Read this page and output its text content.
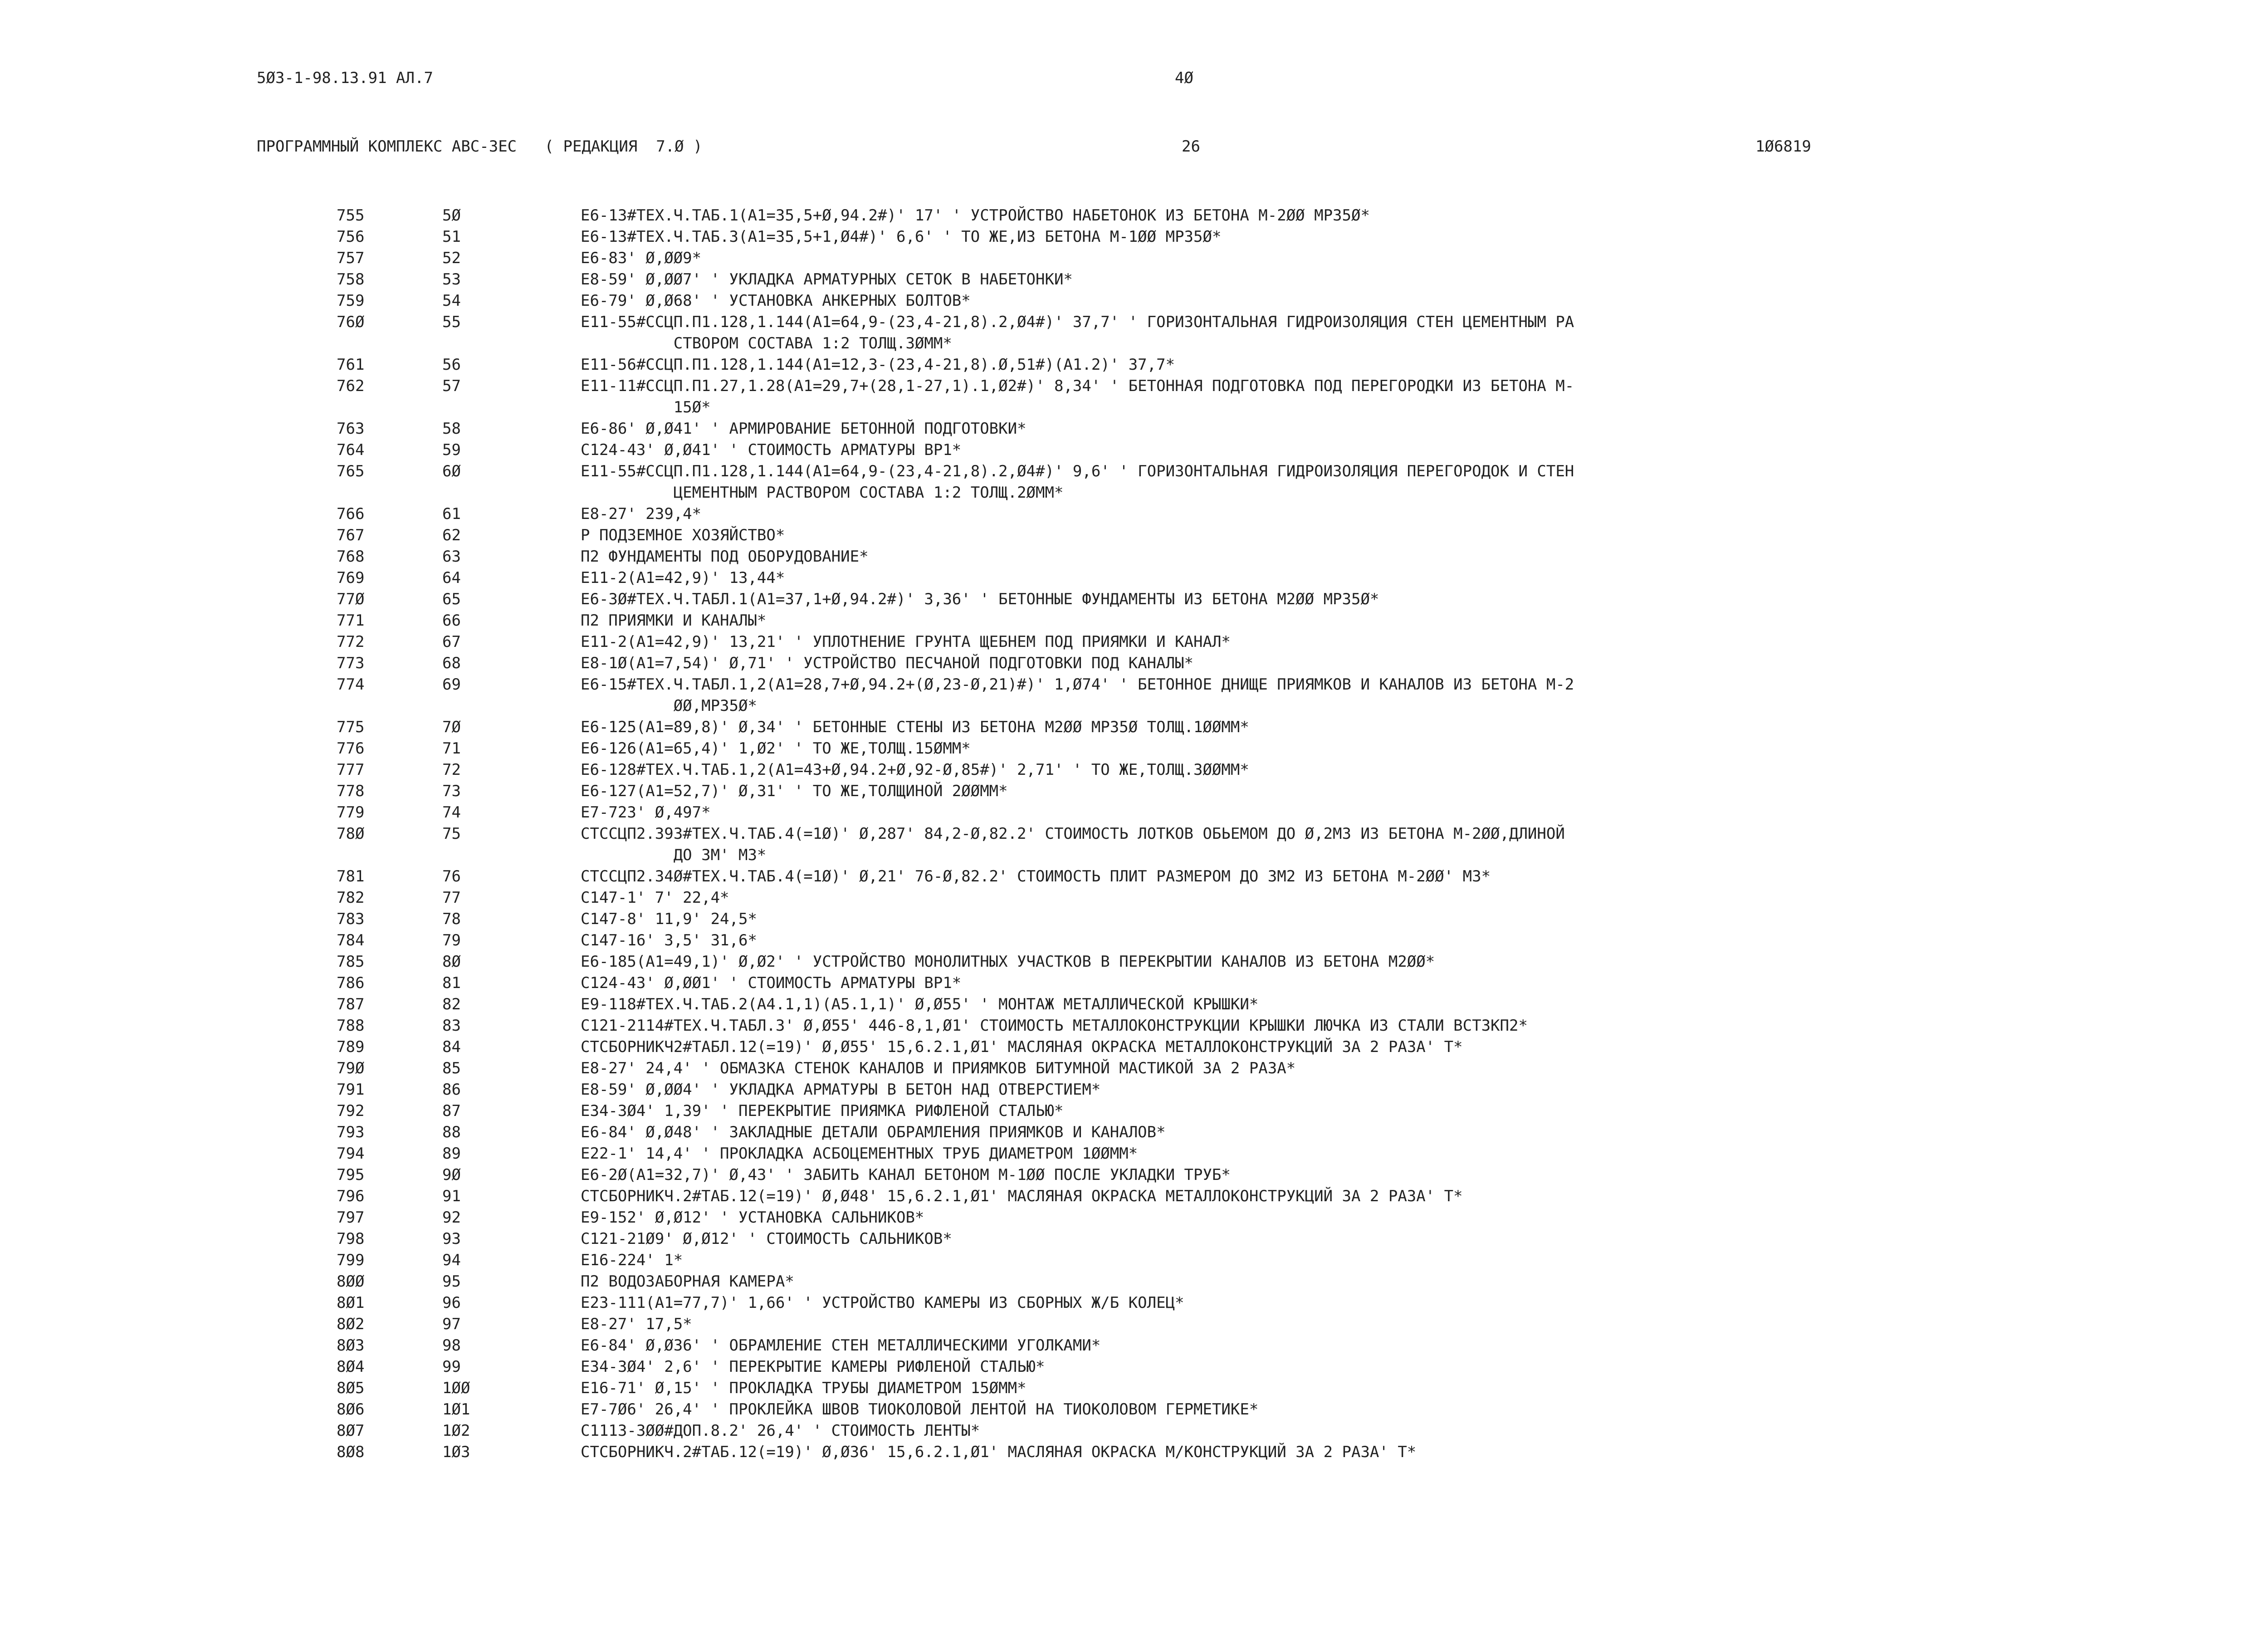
5Ø3-1-98.13.91 АЛ.7	4Ø
ПРОГРАММНЫЙ КОМПЛЕКС АВС-3ЕС   ( РЕДАКЦИЯ  7.Ø )	26	1Ø6819
755	5Ø	Е6-13#ТЕХ.Ч.ТАБ.1(А1=35,5+Ø,94.2#)' 17' ' УСТРОЙСТВО НАБЕТОНОК ИЗ БЕТОНА М-2ØØ МРЗ5Ø*
756	51	Е6-13#ТЕХ.Ч.ТАБ.3(А1=35,5+1,Ø4#)' 6,6' ' ТО ЖЕ,ИЗ БЕТОНА М-1ØØ МРЗ5Ø*
757	52	Е6-83' Ø,ØØ9*
758	53	Е8-59' Ø,ØØ7' ' УКЛАДКА АРМАТУРНЫХ СЕТОК В НАБЕТОНКИ*
759	54	Е6-79' Ø,Ø68' ' УСТАНОВКА АНКЕРНЫХ БОЛТОВ*
76Ø	55	Е11-55#ССЦП.П1.128,1.144(А1=64,9-(23,4-21,8).2,Ø4#)' 37,7' ' ГОРИЗОНТАЛЬНАЯ ГИДРОИЗОЛЯЦИЯ СТЕН ЦЕМЕНТНЫМ РА
СТВОРОМ СОСТАВА 1:2 ТОЛЩ.3ØММ*
761	56	Е11-56#ССЦП.П1.128,1.144(А1=12,3-(23,4-21,8).Ø,51#)(А1.2)' 37,7*
762	57	Е11-11#ССЦП.П1.27,1.28(А1=29,7+(28,1-27,1).1,Ø2#)' 8,34' ' БЕТОННАЯ ПОДГОТОВКА ПОД ПЕРЕГОРОДКИ ИЗ БЕТОНА М-
15Ø*
763	58	Е6-86' Ø,Ø41' ' АРМИРОВАНИЕ БЕТОННОЙ ПОДГОТОВКИ*
764	59	С124-43' Ø,Ø41' ' СТОИМОСТЬ АРМАТУРЫ ВР1*
765	6Ø	Е11-55#ССЦП.П1.128,1.144(А1=64,9-(23,4-21,8).2,Ø4#)' 9,6' ' ГОРИЗОНТАЛЬНАЯ ГИДРОИЗОЛЯЦИЯ ПЕРЕГОРОДОК И СТЕН
ЦЕМЕНТНЫМ РАСТВОРОМ СОСТАВА 1:2 ТОЛЩ.2ØММ*
766	61	Е8-27' 239,4*
767	62	Р ПОДЗЕМНОЕ ХОЗЯЙСТВО*
768	63	П2 ФУНДАМЕНТЫ ПОД ОБОРУДОВАНИЕ*
769	64	Е11-2(А1=42,9)' 13,44*
77Ø	65	Е6-3Ø#ТЕХ.Ч.ТАБЛ.1(А1=37,1+Ø,94.2#)' 3,36' ' БЕТОННЫЕ ФУНДАМЕНТЫ ИЗ БЕТОНА М2ØØ МРЗ5Ø*
771	66	П2 ПРИЯМКИ И КАНАЛЫ*
772	67	Е11-2(А1=42,9)' 13,21' ' УПЛОТНЕНИЕ ГРУНТА ЩЕБНЕМ ПОД ПРИЯМКИ И КАНАЛ*
773	68	Е8-1Ø(А1=7,54)' Ø,71' ' УСТРОЙСТВО ПЕСЧАНОЙ ПОДГОТОВКИ ПОД КАНАЛЫ*
774	69	Е6-15#ТЕХ.Ч.ТАБЛ.1,2(А1=28,7+Ø,94.2+(Ø,23-Ø,21)#)' 1,Ø74' ' БЕТОННОЕ ДНИЩЕ ПРИЯМКОВ И КАНАЛОВ ИЗ БЕТОНА М-2
ØØ,МРЗ5Ø*
775	7Ø	Е6-125(А1=89,8)' Ø,34' ' БЕТОННЫЕ СТЕНЫ ИЗ БЕТОНА М2ØØ МРЗ5Ø ТОЛЩ.1ØØММ*
776	71	Е6-126(А1=65,4)' 1,Ø2' ' ТО ЖЕ,ТОЛЩ.15ØММ*
777	72	Е6-128#ТЕХ.Ч.ТАБ.1,2(А1=43+Ø,94.2+Ø,92-Ø,85#)' 2,71' ' ТО ЖЕ,ТОЛЩ.3ØØММ*
778	73	Е6-127(А1=52,7)' Ø,31' ' ТО ЖЕ,ТОЛЩИНОЙ 2ØØММ*
779	74	Е7-723' Ø,497*
78Ø	75	СТССЦП2.393#ТЕХ.Ч.ТАБ.4(=1Ø)' Ø,287' 84,2-Ø,82.2' СТОИМОСТЬ ЛОТКОВ ОБЬЕМОМ ДО Ø,2М3 ИЗ БЕТОНА М-2ØØ,ДЛИНОЙ
ДО 3М' М3*
781	76	СТССЦП2.34Ø#ТЕХ.Ч.ТАБ.4(=1Ø)' Ø,21' 76-Ø,82.2' СТОИМОСТЬ ПЛИТ РАЗМЕРОМ ДО 3М2 ИЗ БЕТОНА М-2ØØ' М3*
782	77	С147-1' 7' 22,4*
783	78	С147-8' 11,9' 24,5*
784	79	С147-16' 3,5' 31,6*
785	8Ø	Е6-185(А1=49,1)' Ø,Ø2' ' УСТРОЙСТВО МОНОЛИТНЫХ УЧАСТКОВ В ПЕРЕКРЫТИИ КАНАЛОВ ИЗ БЕТОНА М2ØØ*
786	81	С124-43' Ø,ØØ1' ' СТОИМОСТЬ АРМАТУРЫ ВР1*
787	82	Е9-118#ТЕХ.Ч.ТАБ.2(А4.1,1)(А5.1,1)' Ø,Ø55' ' МОНТАЖ МЕТАЛЛИЧЕСКОЙ КРЫШКИ*
788	83	С121-2114#ТЕХ.Ч.ТАБЛ.3' Ø,Ø55' 446-8,1,Ø1' СТОИМОСТЬ МЕТАЛЛОКОНСТРУКЦИИ КРЫШКИ ЛЮЧКА ИЗ СТАЛИ ВСТ3КП2*
789	84	СТСБОРНИКЧ2#ТАБЛ.12(=19)' Ø,Ø55' 15,6.2.1,Ø1' МАСЛЯНАЯ ОКРАСКА МЕТАЛЛОКОНСТРУКЦИЙ ЗА 2 РАЗА' Т*
79Ø	85	Е8-27' 24,4' ' ОБМАЗКА СТЕНОК КАНАЛОВ И ПРИЯМКОВ БИТУМНОЙ МАСТИКОЙ ЗА 2 РАЗА*
791	86	Е8-59' Ø,ØØ4' ' УКЛАДКА АРМАТУРЫ В БЕТОН НАД ОТВЕРСТИЕМ*
792	87	Е34-3Ø4' 1,39' ' ПЕРЕКРЫТИЕ ПРИЯМКА РИФЛЕНОЙ СТАЛЬЮ*
793	88	Е6-84' Ø,Ø48' ' ЗАКЛАДНЫЕ ДЕТАЛИ ОБРАМЛЕНИЯ ПРИЯМКОВ И КАНАЛОВ*
794	89	Е22-1' 14,4' ' ПРОКЛАДКА АСБОЦЕМЕНТНЫХ ТРУБ ДИАМЕТРОМ 1ØØММ*
795	9Ø	Е6-2Ø(А1=32,7)' Ø,43' ' ЗАБИТЬ КАНАЛ БЕТОНОМ М-1ØØ ПОСЛЕ УКЛАДКИ ТРУБ*
796	91	СТСБОРНИКЧ.2#ТАБ.12(=19)' Ø,Ø48' 15,6.2.1,Ø1' МАСЛЯНАЯ ОКРАСКА МЕТАЛЛОКОНСТРУКЦИЙ ЗА 2 РАЗА' Т*
797	92	Е9-152' Ø,Ø12' ' УСТАНОВКА САЛЬНИКОВ*
798	93	С121-21Ø9' Ø,Ø12' ' СТОИМОСТЬ САЛЬНИКОВ*
799	94	Е16-224' 1*
8ØØ	95	П2 ВОДОЗАБОРНАЯ КАМЕРА*
8Ø1	96	Е23-111(А1=77,7)' 1,66' ' УСТРОЙСТВО КАМЕРЫ ИЗ СБОРНЫХ Ж/Б КОЛЕЦ*
8Ø2	97	Е8-27' 17,5*
8Ø3	98	Е6-84' Ø,Ø36' ' ОБРАМЛЕНИЕ СТЕН МЕТАЛЛИЧЕСКИМИ УГОЛКАМИ*
8Ø4	99	Е34-3Ø4' 2,6' ' ПЕРЕКРЫТИЕ КАМЕРЫ РИФЛЕНОЙ СТАЛЬЮ*
8Ø5	1ØØ	Е16-71' Ø,15' ' ПРОКЛАДКА ТРУБЫ ДИАМЕТРОМ 15ØММ*
8Ø6	1Ø1	Е7-7Ø6' 26,4' ' ПРОКЛЕЙКА ШВОВ ТИОКОЛОВОЙ ЛЕНТОЙ НА ТИОКОЛОВОМ ГЕРМЕТИКЕ*
8Ø7	1Ø2	С1113-3ØØ#ДОП.8.2' 26,4' ' СТОИМОСТЬ ЛЕНТЫ*
8Ø8	1Ø3	СТСБОРНИКЧ.2#ТАБ.12(=19)' Ø,Ø36' 15,6.2.1,Ø1' МАСЛЯНАЯ ОКРАСКА М/КОНСТРУКЦИЙ ЗА 2 РАЗА' Т*
